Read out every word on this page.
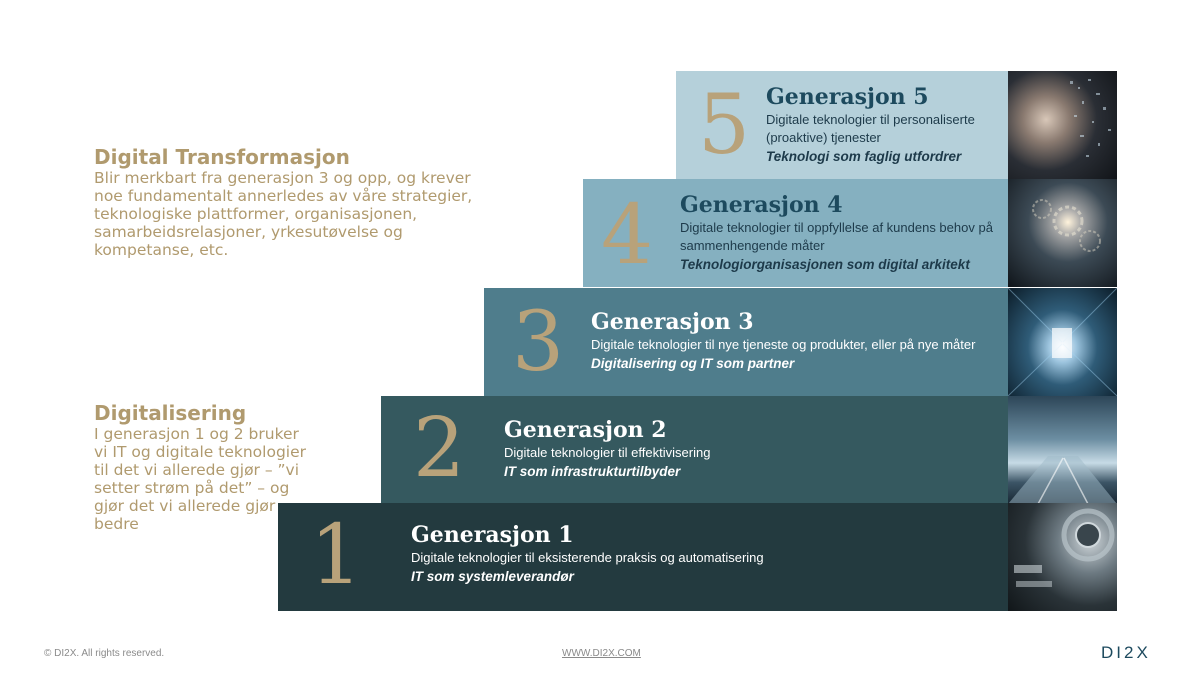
Digital Transformasjon
Blir merkbart fra generasjon 3 og opp, og krever noe fundamentalt annerledes av våre strategier, teknologiske plattformer, organisasjonen, samarbeidsrelasjoner, yrkesutøvelse og kompetanse, etc.
Digitalisering
I generasjon 1 og 2 bruker vi IT og digitale teknologier til det vi allerede gjør – ”vi setter strøm på det” – og gjør det vi allerede gjør bedre
5 Generasjon 5
Digitale teknologier til personaliserte (proaktive) tjenester
Teknologi som faglig utfordrer
4 Generasjon 4
Digitale teknologier til oppfyllelse af kundens behov på sammenhengende måter
Teknologiorganisasjonen som digital arkitekt
3 Generasjon 3
Digitale teknologier til nye tjeneste og produkter, eller på nye måter
Digitalisering og IT som partner
2 Generasjon 2
Digitale teknologier til effektivisering
IT som infrastrukturtilbyder
1 Generasjon 1
Digitale teknologier til eksisterende praksis og automatisering
IT som systemleverandør
© DI2X. All rights reserved.	WWW.DI2X.COM	DI2X
